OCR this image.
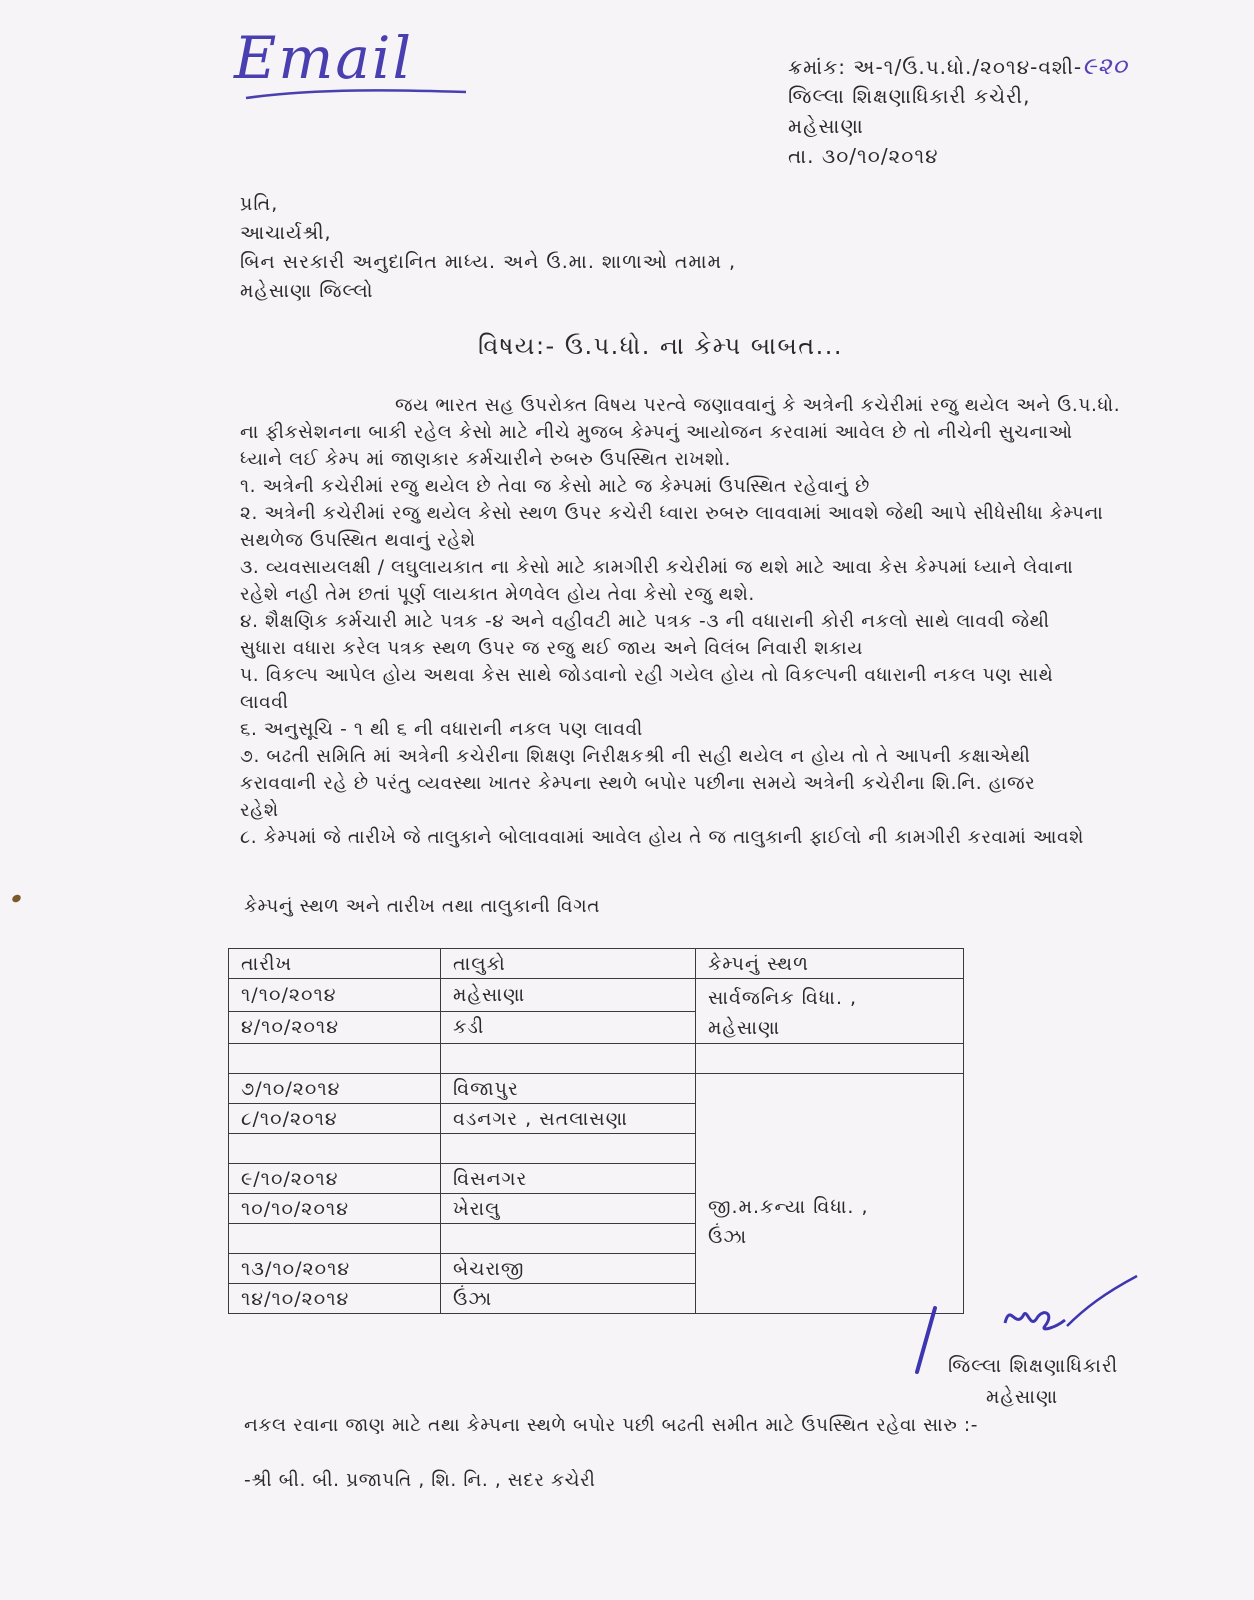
Email	ક્રમાંક: અ-૧/ઉ.પ.ધો./૨૦૧૪-વશી-૯૨૦
જિલ્લા શિક્ષણાધિકારી કચેરી,
મહેસાણા
તા. ૩૦/૧૦/૨૦૧૪
પ્રતિ,
આચાર્યશ્રી,
બિન સરકારી અનુદાનિત માધ્ય. અને ઉ.મા. શાળાઓ તમામ ,
મહેસાણા જિલ્લો
વિષય:- ઉ.પ.ધો. ના કેમ્પ બાબત...

જય ભારત સહ ઉપરોક્ત વિષય પરત્વે જણાવવાનું કે અત્રેની કચેરીમાં રજુ થયેલ અને ઉ.પ.ધો.

ના ફીકસેશનના બાકી રહેલ કેસો માટે નીચે મુજબ કેમ્પનું આયોજન કરવામાં આવેલ છે તો નીચેની સુચનાઓ

ધ્યાને લઈ કેમ્પ માં જાણકાર કર્મચારીને રુબરુ ઉપસ્થિત રાખશો.

૧. અત્રેની કચેરીમાં રજુ થયેલ છે તેવા જ કેસો માટે જ કેમ્પમાં ઉપસ્થિત રહેવાનું છે

૨. અત્રેની કચેરીમાં રજુ થયેલ કેસો સ્થળ ઉપર કચેરી ધ્વારા રુબરુ લાવવામાં આવશે જેથી આપે સીધેસીધા કેમ્પના

સથળેજ ઉપસ્થિત થવાનું રહેશે

૩. વ્યવસાયલક્ષી / લઘુલાયકાત ના કેસો માટે કામગીરી કચેરીમાં જ થશે માટે આવા કેસ કેમ્પમાં ધ્યાને લેવાના

રહેશે નહી તેમ છતાં પૂર્ણ લાયકાત મેળવેલ હોય તેવા કેસો રજુ થશે.

૪. શૈક્ષણિક કર્મચારી માટે પત્રક -૪ અને વહીવટી માટે પત્રક -૩ ની વધારાની કોરી નકલો સાથે લાવવી જેથી

સુધારા વધારા કરેલ પત્રક સ્થળ ઉપર જ રજુ થઈ જાય અને વિલંબ નિવારી શકાય

૫. વિકલ્પ આપેલ હોય અથવા કેસ સાથે જોડવાનો રહી ગયેલ હોય તો વિકલ્પની વધારાની નકલ પણ સાથે

લાવવી

૬. અનુસૂચિ - ૧ થી ૬ ની વધારાની નકલ પણ લાવવી

૭. બઢતી સમિતિ માં અત્રેની કચેરીના શિક્ષણ નિરીક્ષકશ્રી ની સહી થયેલ ન હોય તો તે આપની કક્ષાએથી

કરાવવાની રહે છે પરંતુ વ્યવસ્થા ખાતર કેમ્પના સ્થળે બપોર પછીના સમયે અત્રેની કચેરીના શિ.નિ. હાજર

રહેશે

૮. કેમ્પમાં જે તારીખે જે તાલુકાને બોલાવવામાં આવેલ હોય તે જ તાલુકાની ફાઈલો ની કામગીરી કરવામાં આવશે

કેમ્પનું સ્થળ અને તારીખ તથા તાલુકાની વિગત
તારીખ	તાલુકો	કેમ્પનું સ્થળ
૧/૧૦/૨૦૧૪	મહેસાણા	સાર્વજનિક વિધા. ,
મહેસાણા

૪/૧૦/૨૦૧૪	કડી	

૭/૧૦/૨૦૧૪	વિજાપુર	જી.મ.કન્યા વિધા. ,
ઉંઝા

૮/૧૦/૨૦૧૪	વડનગર , સતલાસણા	

૯/૧૦/૨૦૧૪	વિસનગર	
૧૦/૧૦/૨૦૧૪	ખેરાલુ	

૧૩/૧૦/૨૦૧૪	બેચરાજી	
૧૪/૧૦/૨૦૧૪	ઉંઝા	
જિલ્લા શિક્ષણાધિકારી
મહેસાણા
નકલ રવાના જાણ માટે તથા કેમ્પના સ્થળે બપોર પછી બઢતી સમીત માટે ઉપસ્થિત રહેવા સારુ :-
-શ્રી બી. બી. પ્રજાપતિ , શિ. નિ. , સદર કચેરી
